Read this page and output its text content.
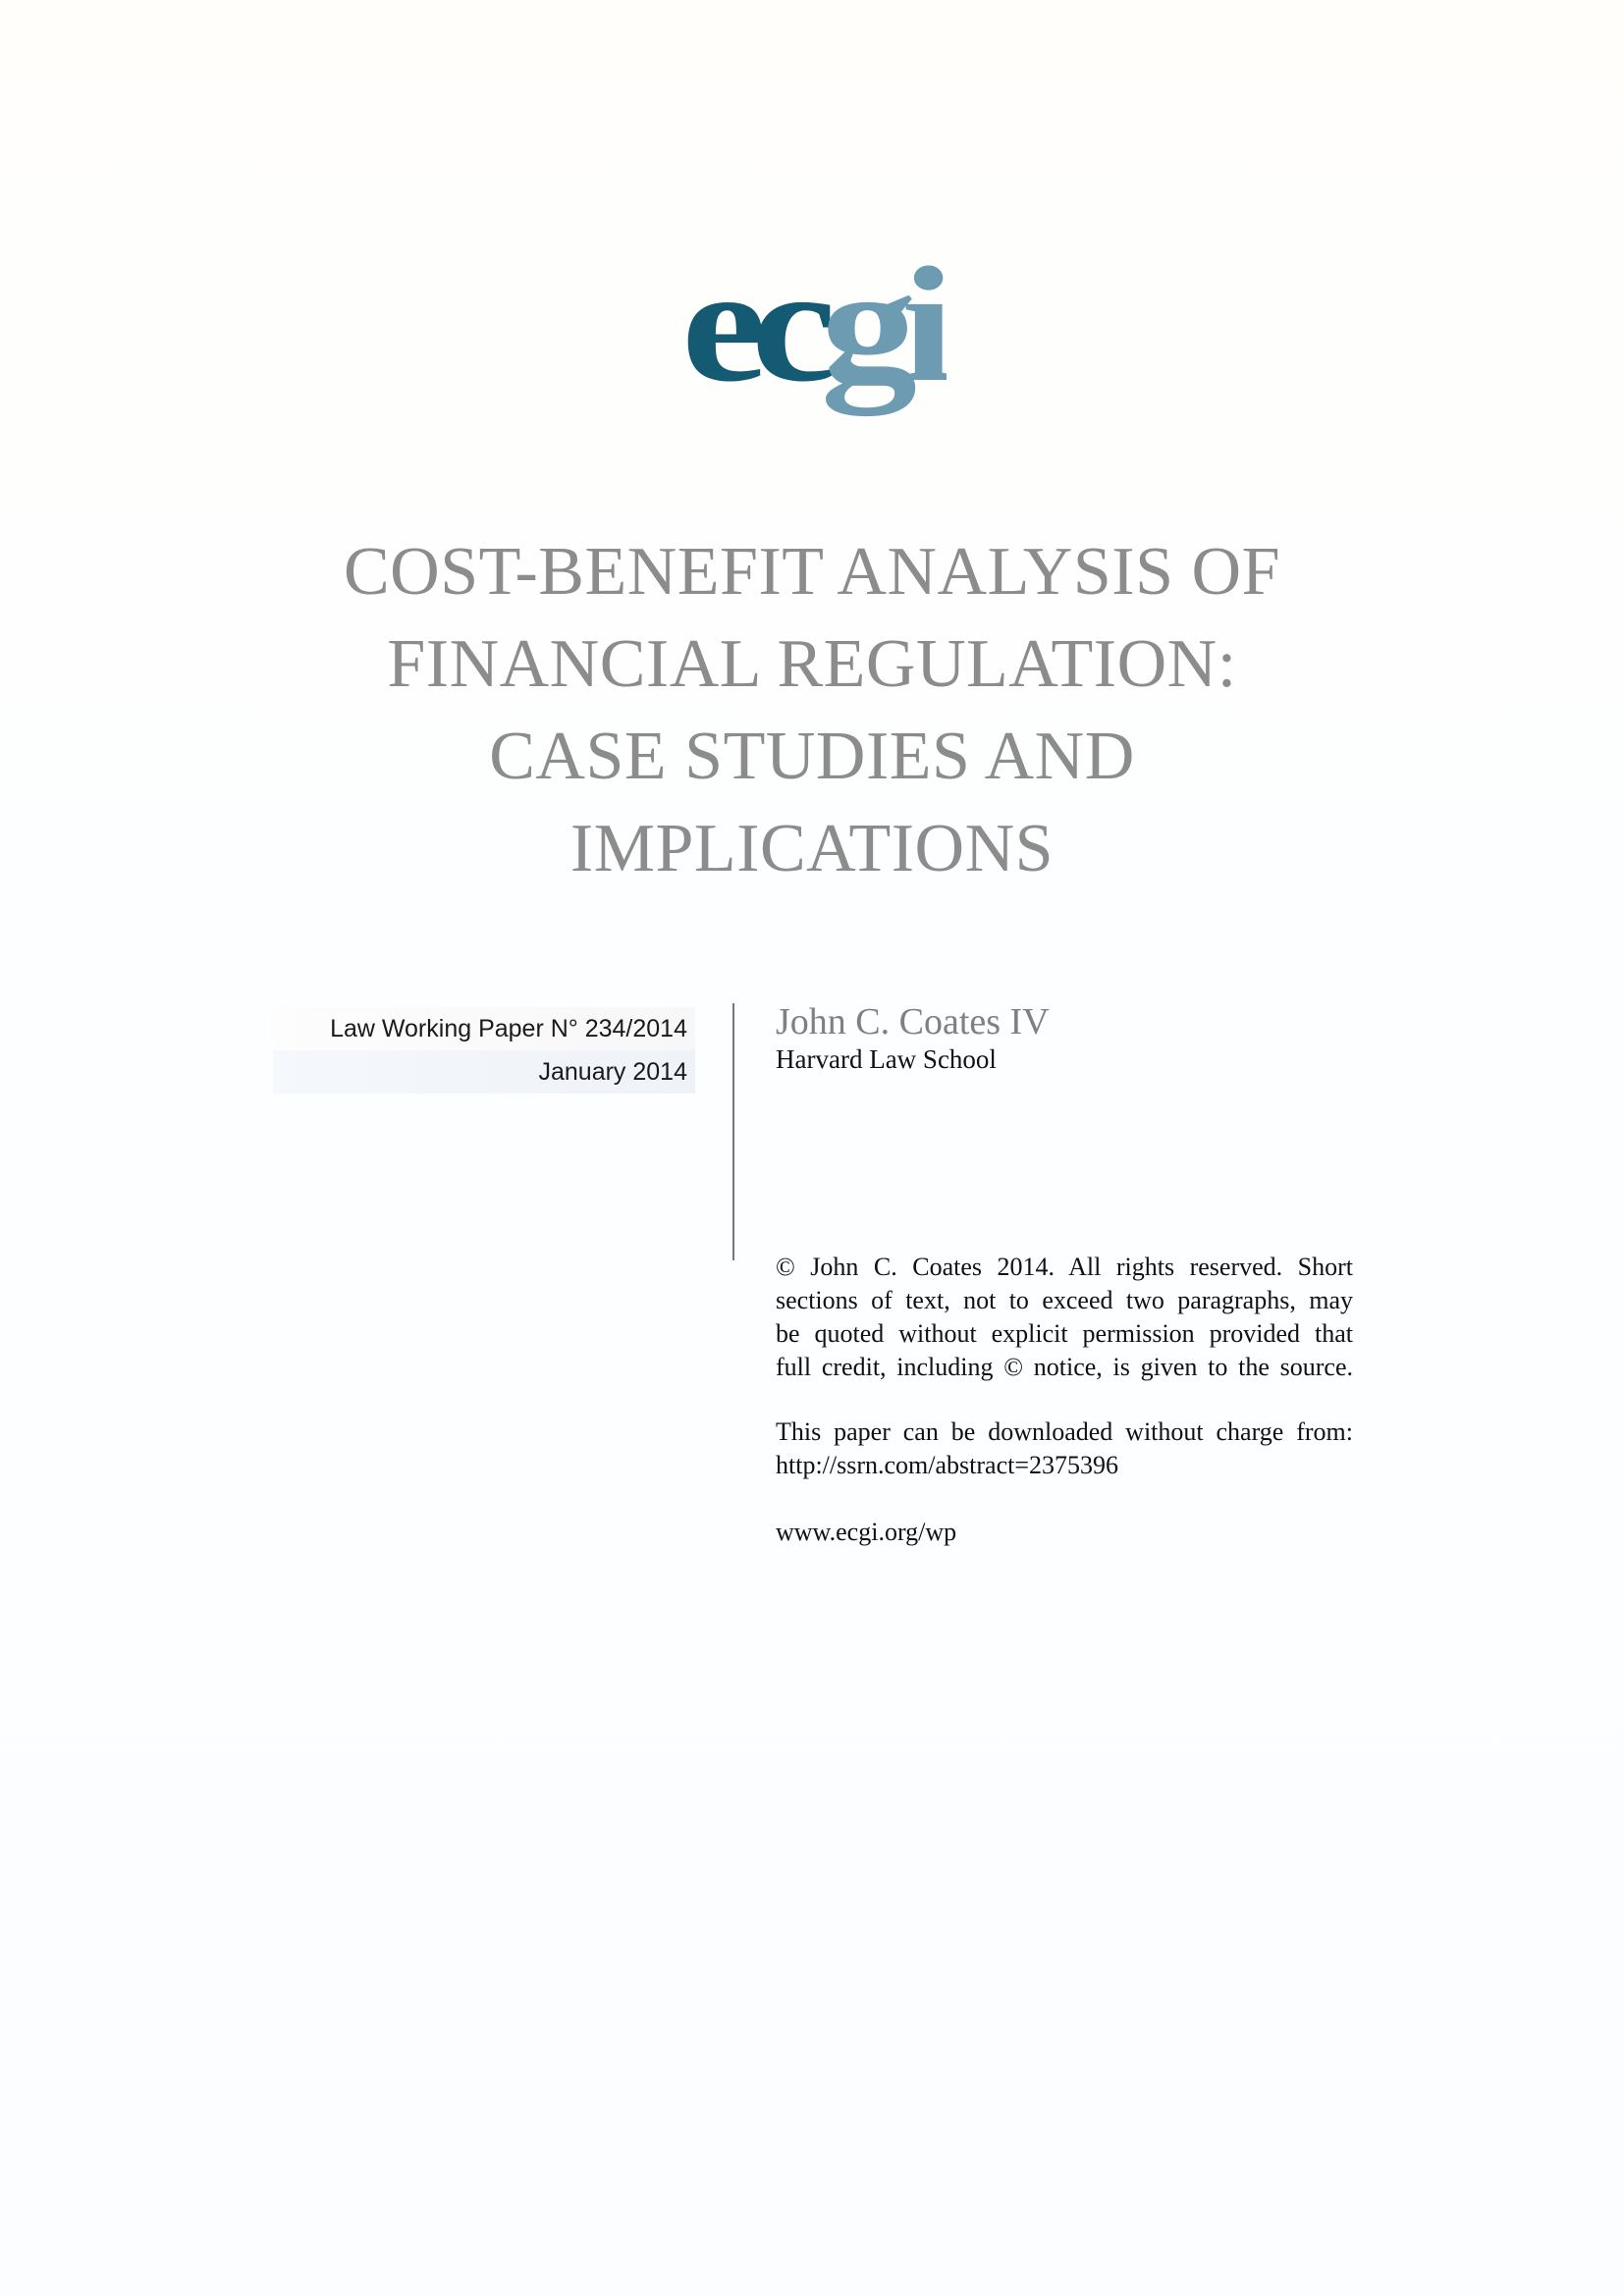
ec gi
COST-BENEFIT ANALYSIS OF
FINANCIAL REGULATION:
CASE STUDIES AND
IMPLICATIONS
Law Working Paper N° 234/2014
January 2014
John C. Coates IV
Harvard Law School
© John C. Coates 2014. All rights reserved. Short
sections of text, not to exceed two paragraphs, may
be quoted without explicit permission provided that
full credit, including © notice, is given to the source.
This paper can be downloaded without charge from:
http://ssrn.com/abstract=2375396
www.ecgi.org/wp
